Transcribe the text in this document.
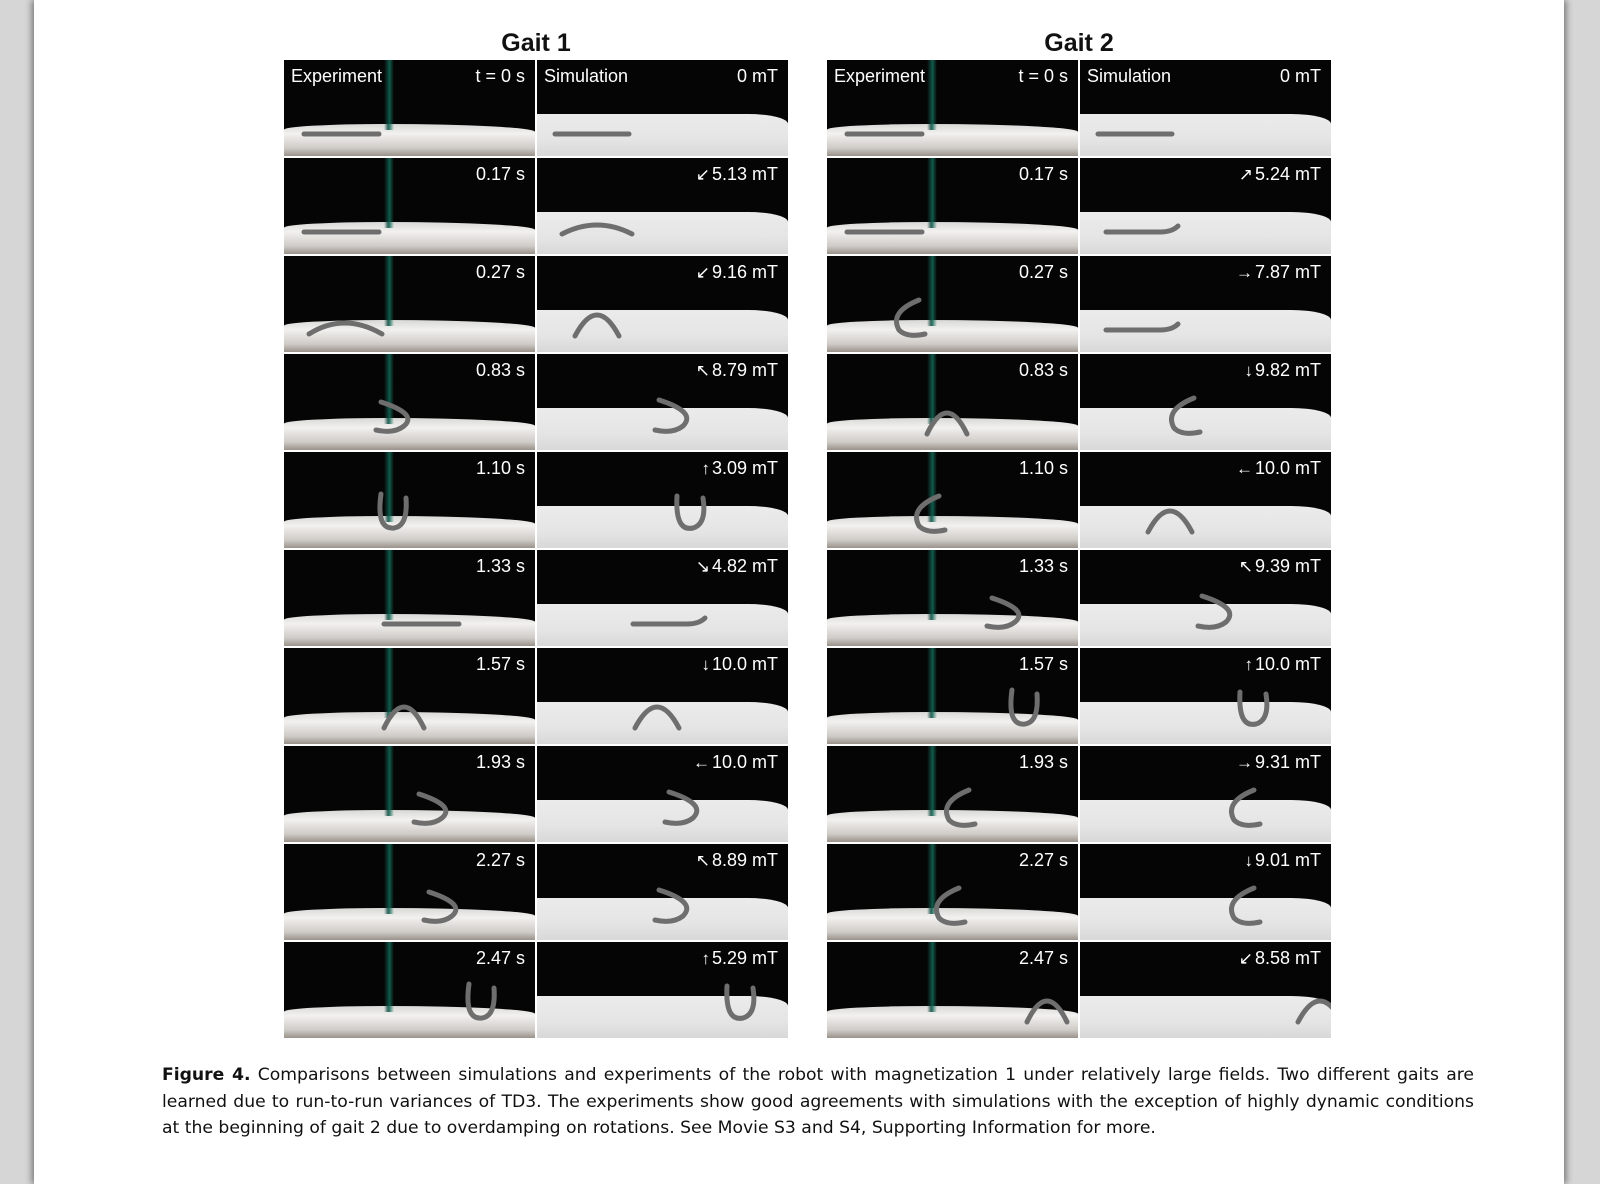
Gait 1
Experiment	t = 0 s Simulation	0 mT
0.17 s	↙ 5.13 mT
0.27 s	↙ 9.16 mT
0.83 s	↖ 8.79 mT
1.10 s	↑ 3.09 mT
1.33 s	↘ 4.82 mT
1.57 s	↓ 10.0 mT
1.93 s	← 10.0 mT
2.27 s	↖ 8.89 mT
2.47 s	↑ 5.29 mT
Gait 2
Experiment	t = 0 s Simulation	0 mT
0.17 s	↗ 5.24 mT
0.27 s	→ 7.87 mT
0.83 s	↓ 9.82 mT
1.10 s	← 10.0 mT
1.33 s	↖ 9.39 mT
1.57 s	↑ 10.0 mT
1.93 s	→ 9.31 mT
2.27 s	↓ 9.01 mT
2.47 s	↙ 8.58 mT
Figure 4. Comparisons between simulations and experiments of the robot with magnetization 1 under relatively large fields. Two different gaits are learned due to run-to-run variances of TD3. The experiments show good agreements with simulations with the exception of highly dynamic conditions at the beginning of gait 2 due to overdamping on rotations. See Movie S3 and S4, Supporting Information for more.
